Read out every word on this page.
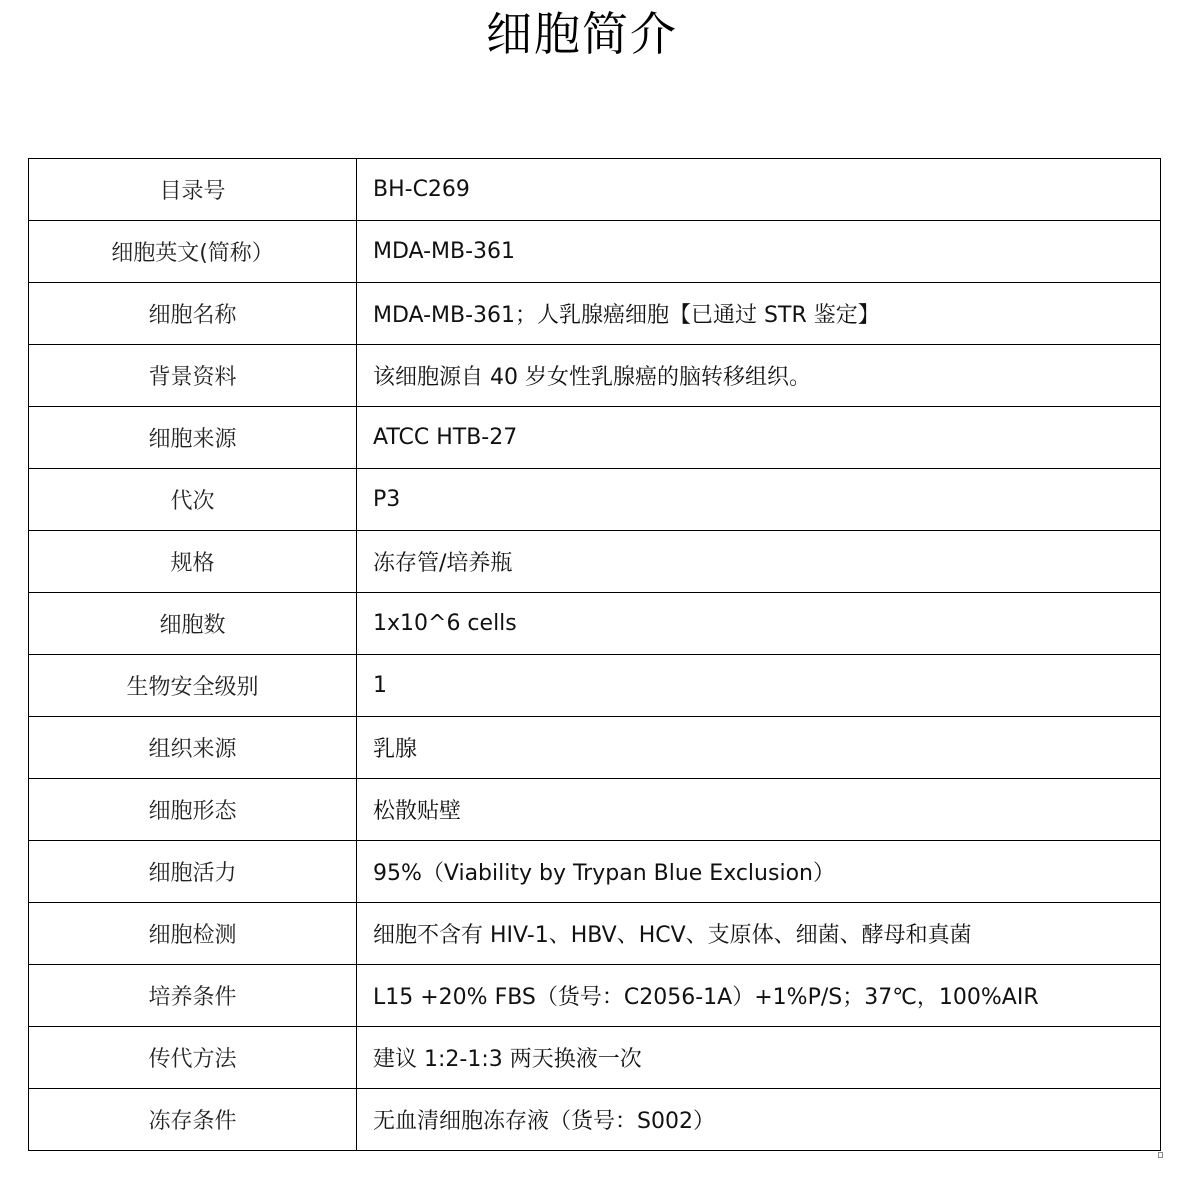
细胞简介
目录号	BH-C269
细胞英文(简称）	MDA-MB-361
细胞名称	MDA-MB-361；人乳腺癌细胞【已通过 STR 鉴定】
背景资料	该细胞源自 40 岁女性乳腺癌的脑转移组织。
细胞来源	ATCC HTB-27
代次	P3
规格	冻存管/培养瓶
细胞数	1x10^6 cells
生物安全级别	1
组织来源	乳腺
细胞形态	松散贴壁
细胞活力	95%（Viability by Trypan Blue Exclusion）
细胞检测	细胞不含有 HIV-1、HBV、HCV、支原体、细菌、酵母和真菌
培养条件	L15 +20% FBS（货号：C2056-1A）+1%P/S；37℃，100%AIR
传代方法	建议 1:2-1:3 两天换液一次
冻存条件	无血清细胞冻存液（货号：S002）
